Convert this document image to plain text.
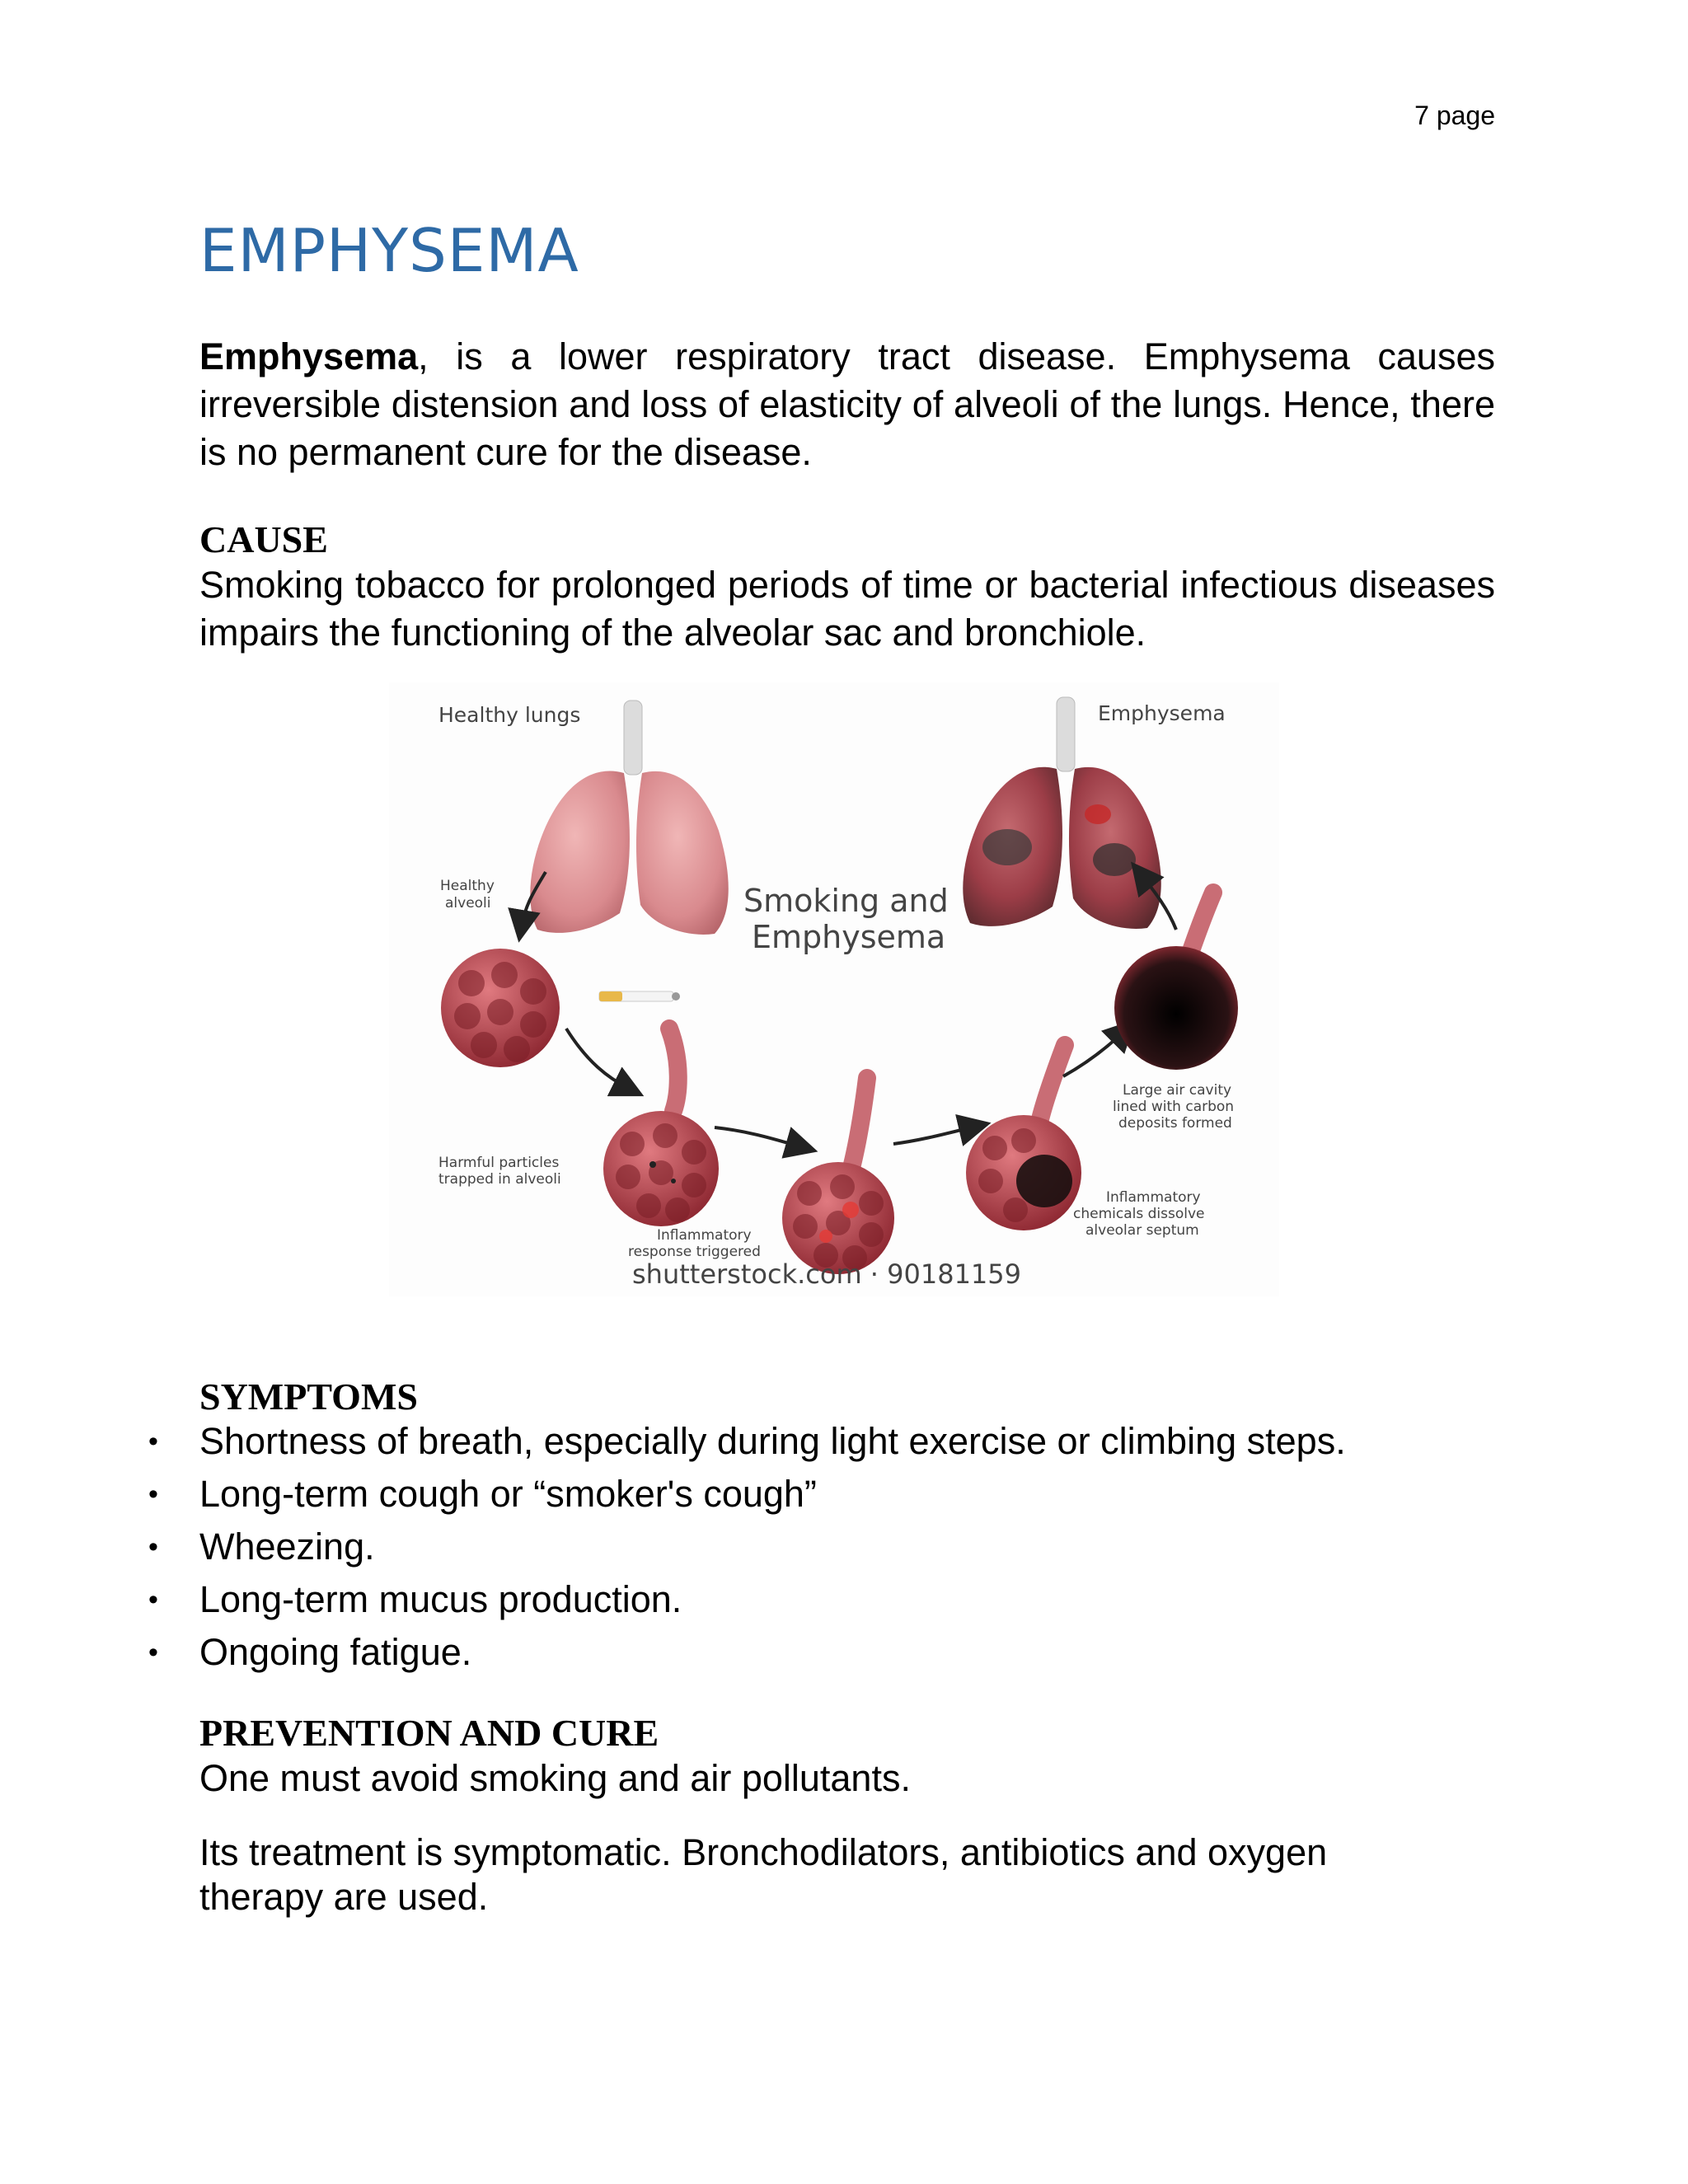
7 page
EMPHYSEMA

Emphysema, is a lower respiratory tract disease. Emphysema causes irreversible distension and loss of elasticity of alveoli of the lungs. Hence, there is no permanent cure for the disease.

CAUSE

Smoking tobacco for prolonged periods of time or bacterial infectious diseases impairs the functioning of the alveolar sac and bronchiole.

Healthy lungs	Emphysema
Smoking and
Emphysema
Healthy
alveoli
Harmful particles
trapped in alveoli
Inflammatory
response triggered
Inflammatory
chemicals dissolve
alveolar septum
Large air cavity
lined with carbon
deposits formed
shutterstock.com · 90181159
SYMPTOMS
• Shortness of breath, especially during light exercise or climbing steps.
• Long-term cough or “smoker's cough”
• Wheezing.
• Long-term mucus production.
• Ongoing fatigue.
PREVENTION AND CURE

One must avoid smoking and air pollutants.

Its treatment is symptomatic. Bronchodilators, antibiotics and oxygen therapy are used.
